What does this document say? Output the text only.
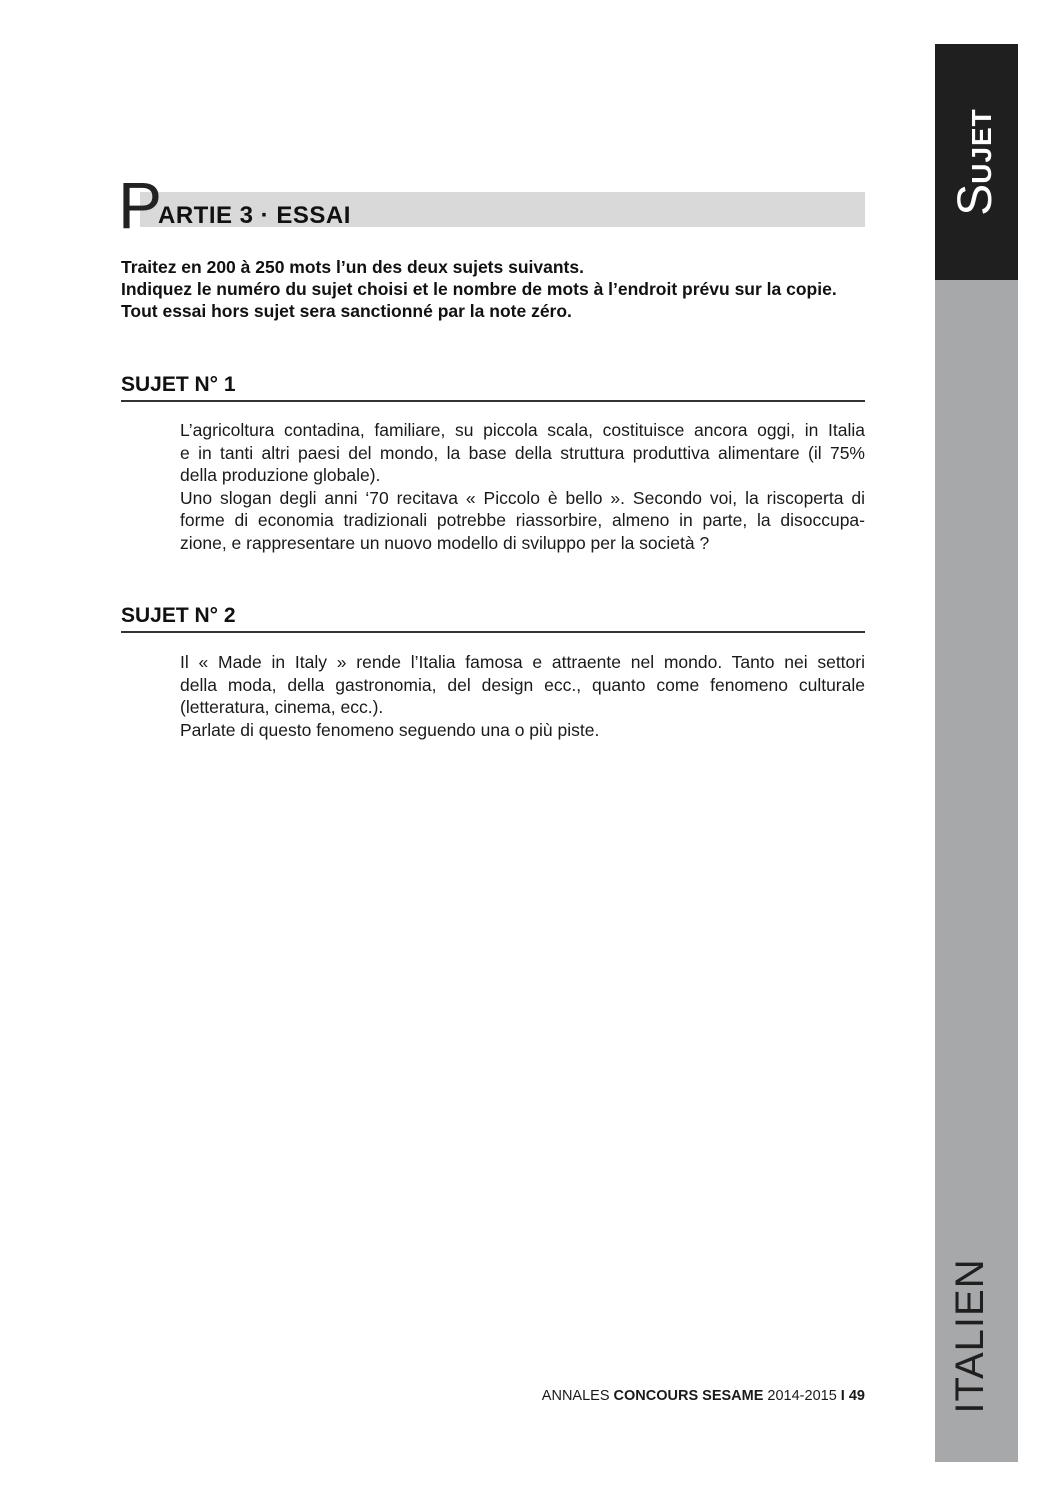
SUJET
ITALIEN
P
ARTIE 3 · ESSAI
Traitez en 200 à 250 mots l’un des deux sujets suivants.
Indiquez le numéro du sujet choisi et le nombre de mots à l’endroit prévu sur la copie.
Tout essai hors sujet sera sanctionné par la note zéro.
SUJET N° 1
L’agricoltura contadina, familiare, su piccola scala, costituisce ancora oggi, in Italia
e in tanti altri paesi del mondo, la base della struttura produttiva alimentare (il 75%
della produzione globale).
Uno slogan degli anni ‘70 recitava « Piccolo è bello ». Secondo voi, la riscoperta di
forme di economia tradizionali potrebbe riassorbire, almeno in parte, la disoccupa-
zione, e rappresentare un nuovo modello di sviluppo per la società ?
SUJET N° 2
Il « Made in Italy » rende l’Italia famosa e attraente nel mondo. Tanto nei settori
della moda, della gastronomia, del design ecc., quanto come fenomeno culturale
(letteratura, cinema, ecc.).
Parlate di questo fenomeno seguendo una o più piste.
ANNALES CONCOURS SESAME 2014-2015 I 49
